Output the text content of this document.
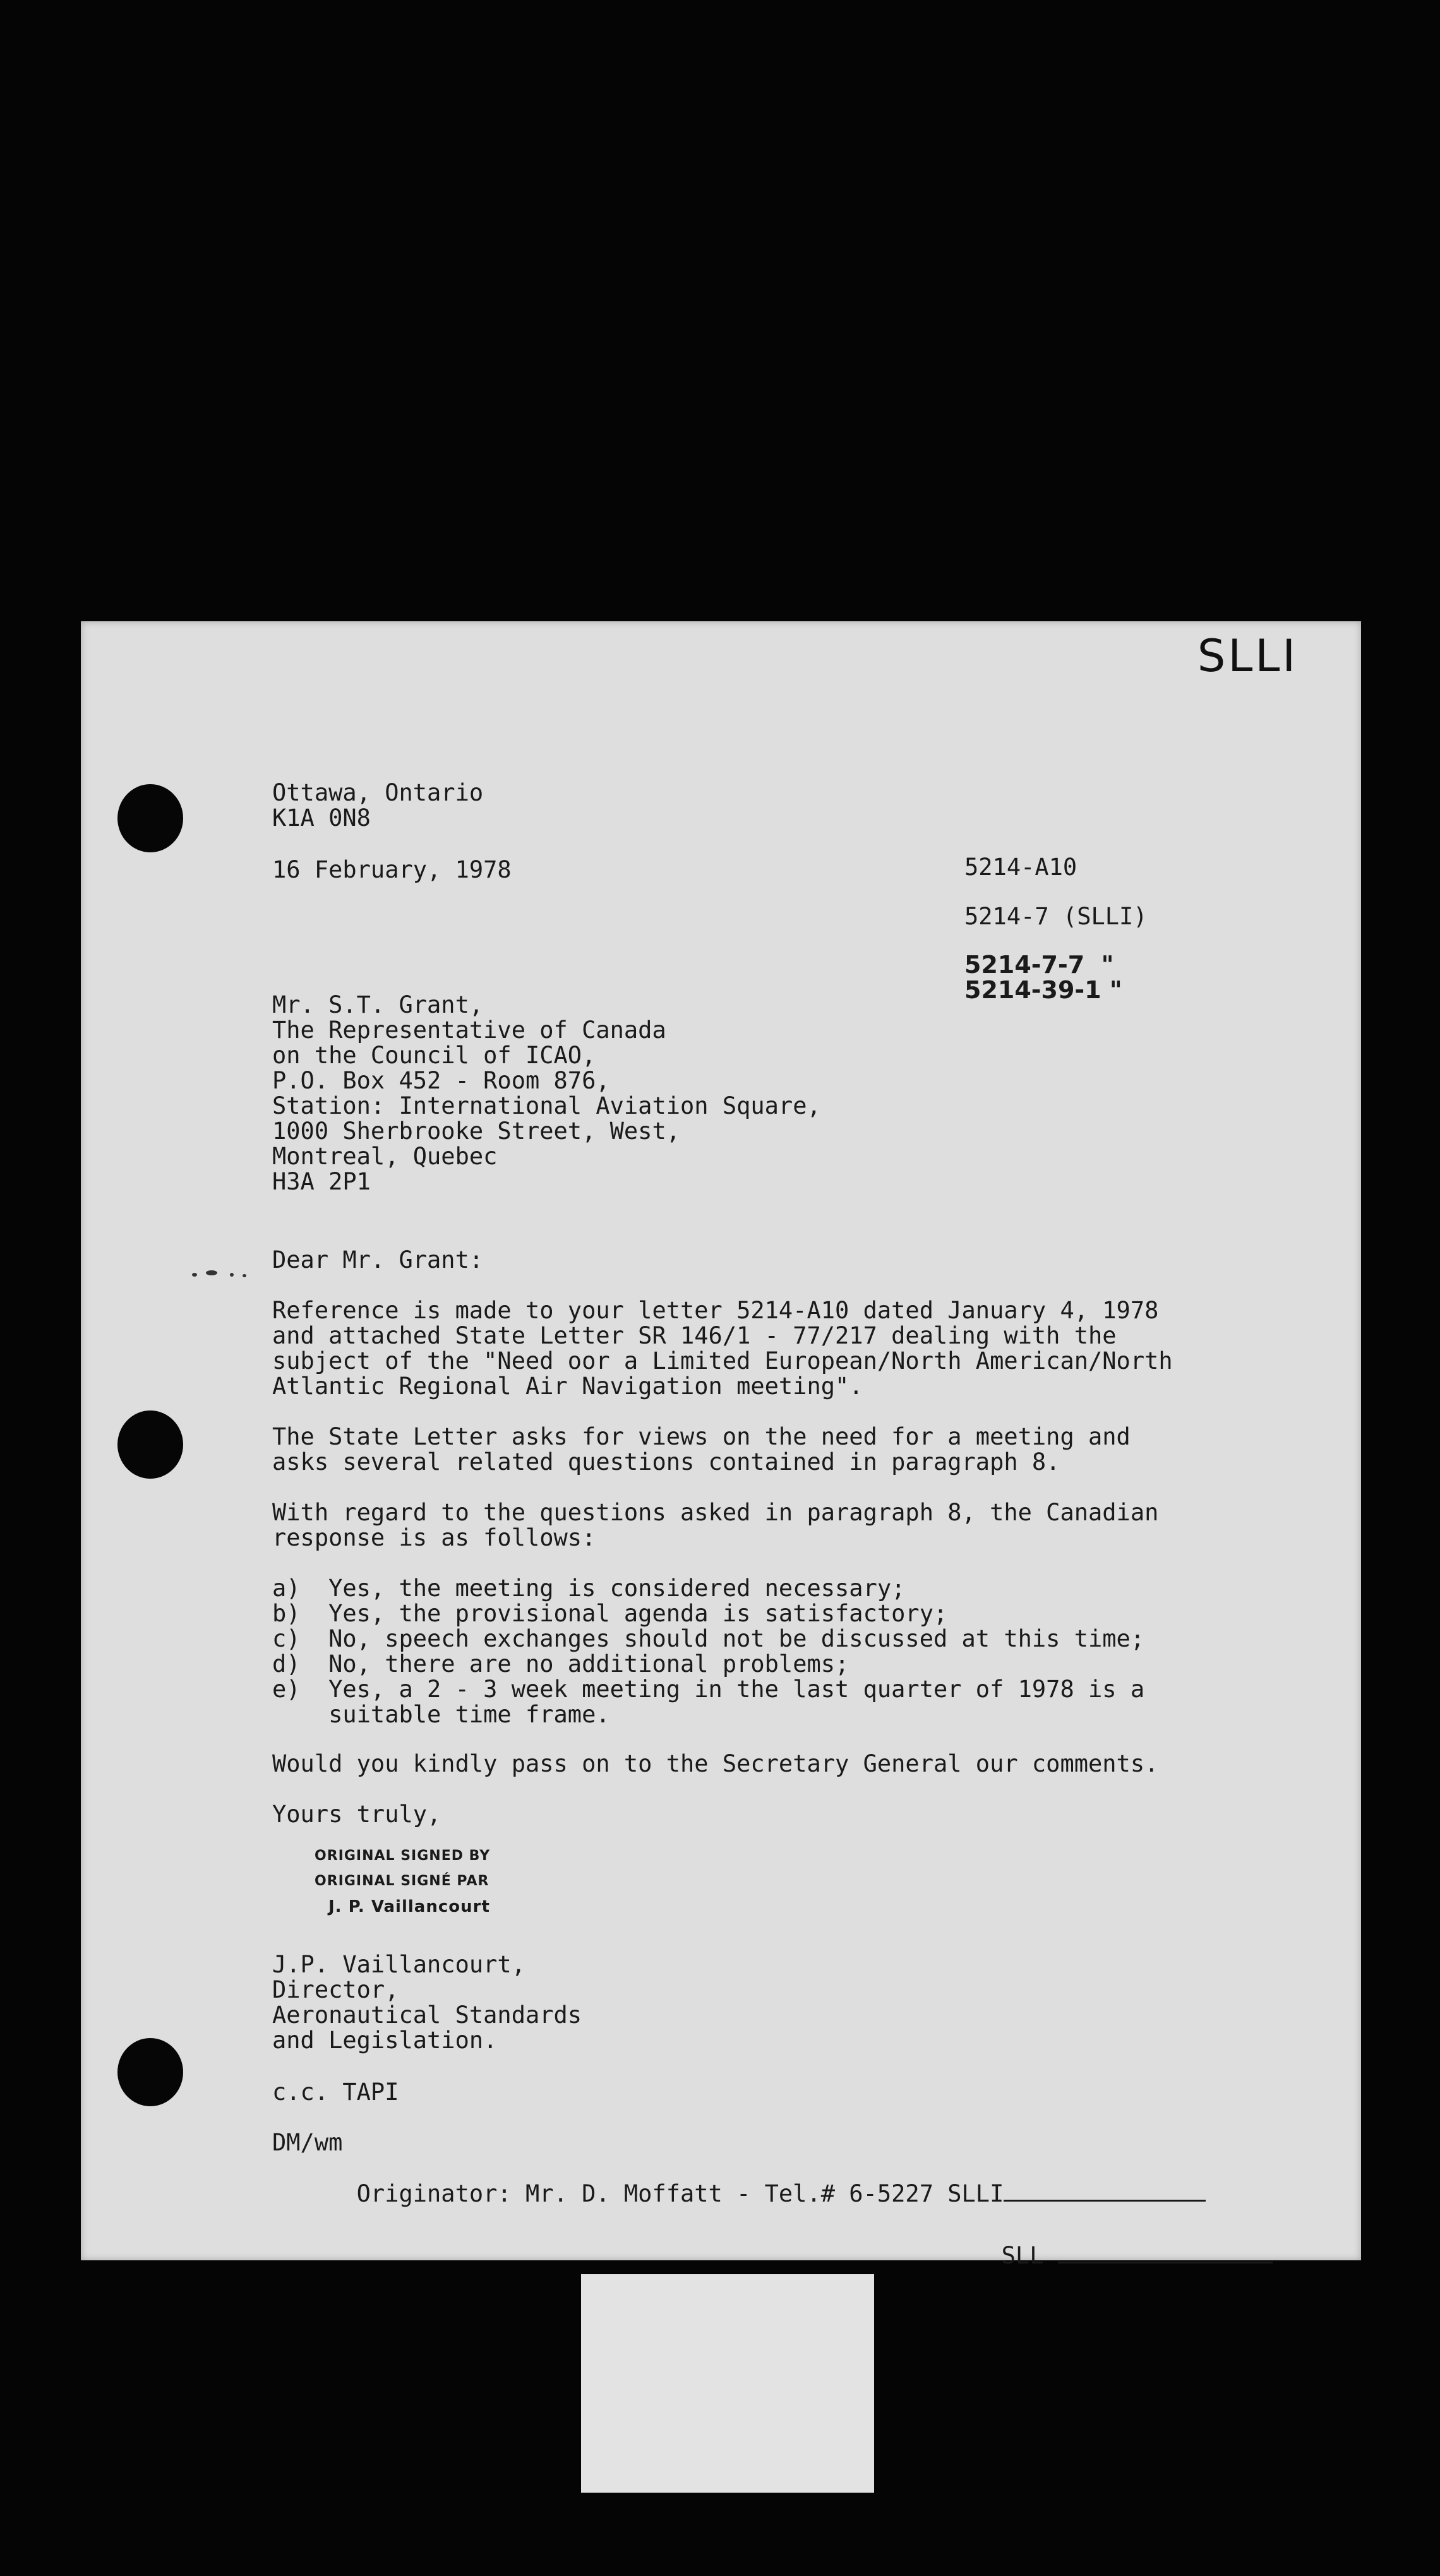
SLLI
Ottawa, Ontario
K1A 0N8
16 February, 1978	5214-A10
5214-7 (SLLI)
5214-7-7  "
5214-39-1 "
Mr. S.T. Grant,
The Representative of Canada
on the Council of ICAO,
P.O. Box 452 - Room 876,
Station: International Aviation Square,
1000 Sherbrooke Street, West,
Montreal, Quebec
H3A 2P1
Dear Mr. Grant:
Reference is made to your letter 5214-A10 dated January 4, 1978
and attached State Letter SR 146/1 - 77/217 dealing with the
subject of the "Need oor a Limited European/North American/North
Atlantic Regional Air Navigation meeting".
The State Letter asks for views on the need for a meeting and
asks several related questions contained in paragraph 8.
With regard to the questions asked in paragraph 8, the Canadian
response is as follows:
a)  Yes, the meeting is considered necessary;
b)  Yes, the provisional agenda is satisfactory;
c)  No, speech exchanges should not be discussed at this time;
d)  No, there are no additional problems;
e)  Yes, a 2 - 3 week meeting in the last quarter of 1978 is a
suitable time frame.
Would you kindly pass on to the Secretary General our comments.
Yours truly,
ORIGINAL SIGNED BY
ORIGINAL SIGNÉ PAR
J. P. Vaillancourt
J.P. Vaillancourt,
Director,
Aeronautical Standards
and Legislation.
c.c. TAPI
DM/wm

Originator: Mr. D. Moffatt - Tel.# 6-5227 SLLI

SLL
